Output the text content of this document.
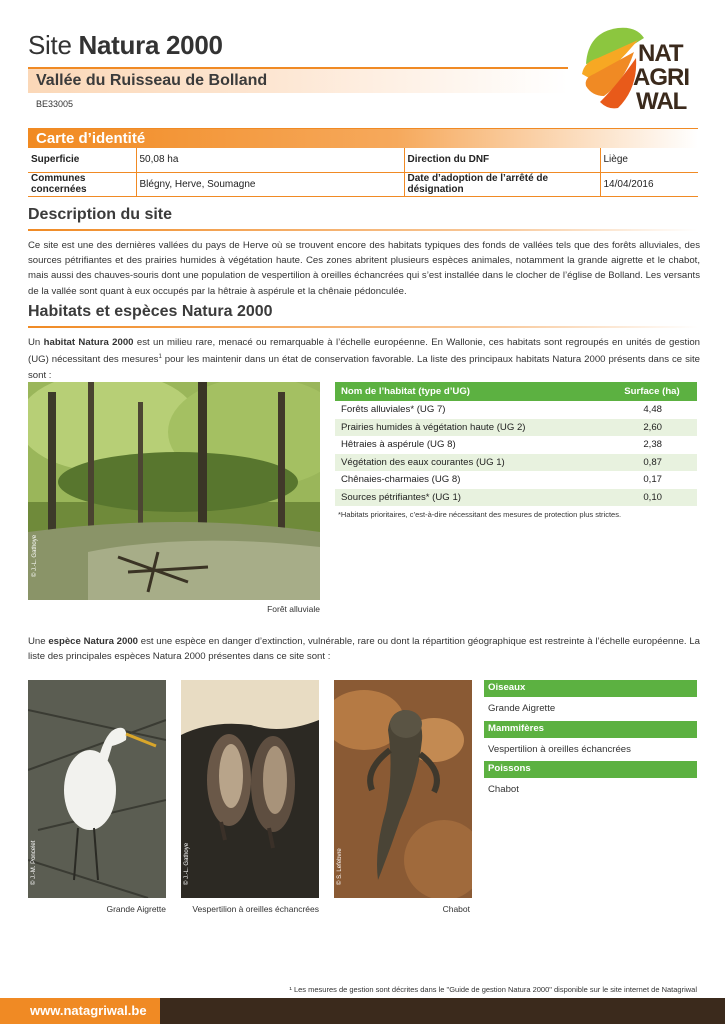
Site Natura 2000
Vallée du Ruisseau de Bolland
BE33005
NAT
AGRI
WAL
Carte d’identité
Superficie	50,08 ha	Direction du DNF	Liège
Communes concernées	Blégny, Herve, Soumagne	Date d’adoption de l’arrêté de désignation	14/04/2016
Description du site
Ce site est une des dernières vallées du pays de Herve où se trouvent encore des habitats typiques des fonds de vallées tels que des forêts alluviales, des sources pétrifiantes et des prairies humides à végétation haute. Ces zones abritent plusieurs espèces animales, notamment la grande aigrette et le chabot, mais aussi des chauves-souris dont une population de vespertilion à oreilles échancrées qui s’est installée dans le clocher de l’église de Bolland. Les versants de la vallée sont quant à eux occupés par la hêtraie à aspérule et la chênaie pédonculée.
Habitats et espèces Natura 2000
Un habitat Natura 2000 est un milieu rare, menacé ou remarquable à l’échelle européenne. En Wallonie, ces habitats sont regroupés en unités de gestion (UG) nécessitant des mesures$^1$ pour les maintenir dans un état de conservation favorable. La liste des principaux habitats Natura 2000 présents dans ce site sont :
© J.-L. Gathoye
Forêt alluviale
Nom de l’habitat (type d’UG)	Surface (ha)
Forêts alluviales* (UG 7)	4,48
Prairies humides à végétation haute (UG 2)	2,60
Hêtraies à aspérule (UG 8)	2,38
Végétation des eaux courantes (UG 1)	0,87
Chênaies-charmaies (UG 8)	0,17
Sources pétrifiantes* (UG 1)	0,10
*Habitats prioritaires, c’est-à-dire nécessitant des mesures de protection plus strictes.
Une espèce Natura 2000 est une espèce en danger d’extinction, vulnérable, rare ou dont la répartition géographique est restreinte à l’échelle européenne. La liste des principales espèces Natura 2000 présentes dans ce site sont :
© J.-M. Poncelet
Grande Aigrette
© J.-L. Gathoye
Vespertilion à oreilles échancrées
© S. Lefebvre
Chabot
Oiseaux
Grande Aigrette
Mammifères
Vespertilion à oreilles échancrées
Poissons
Chabot
¹ Les mesures de gestion sont décrites dans le "Guide de gestion Natura 2000" disponible sur le site internet de Natagriwal
www.natagriwal.be
